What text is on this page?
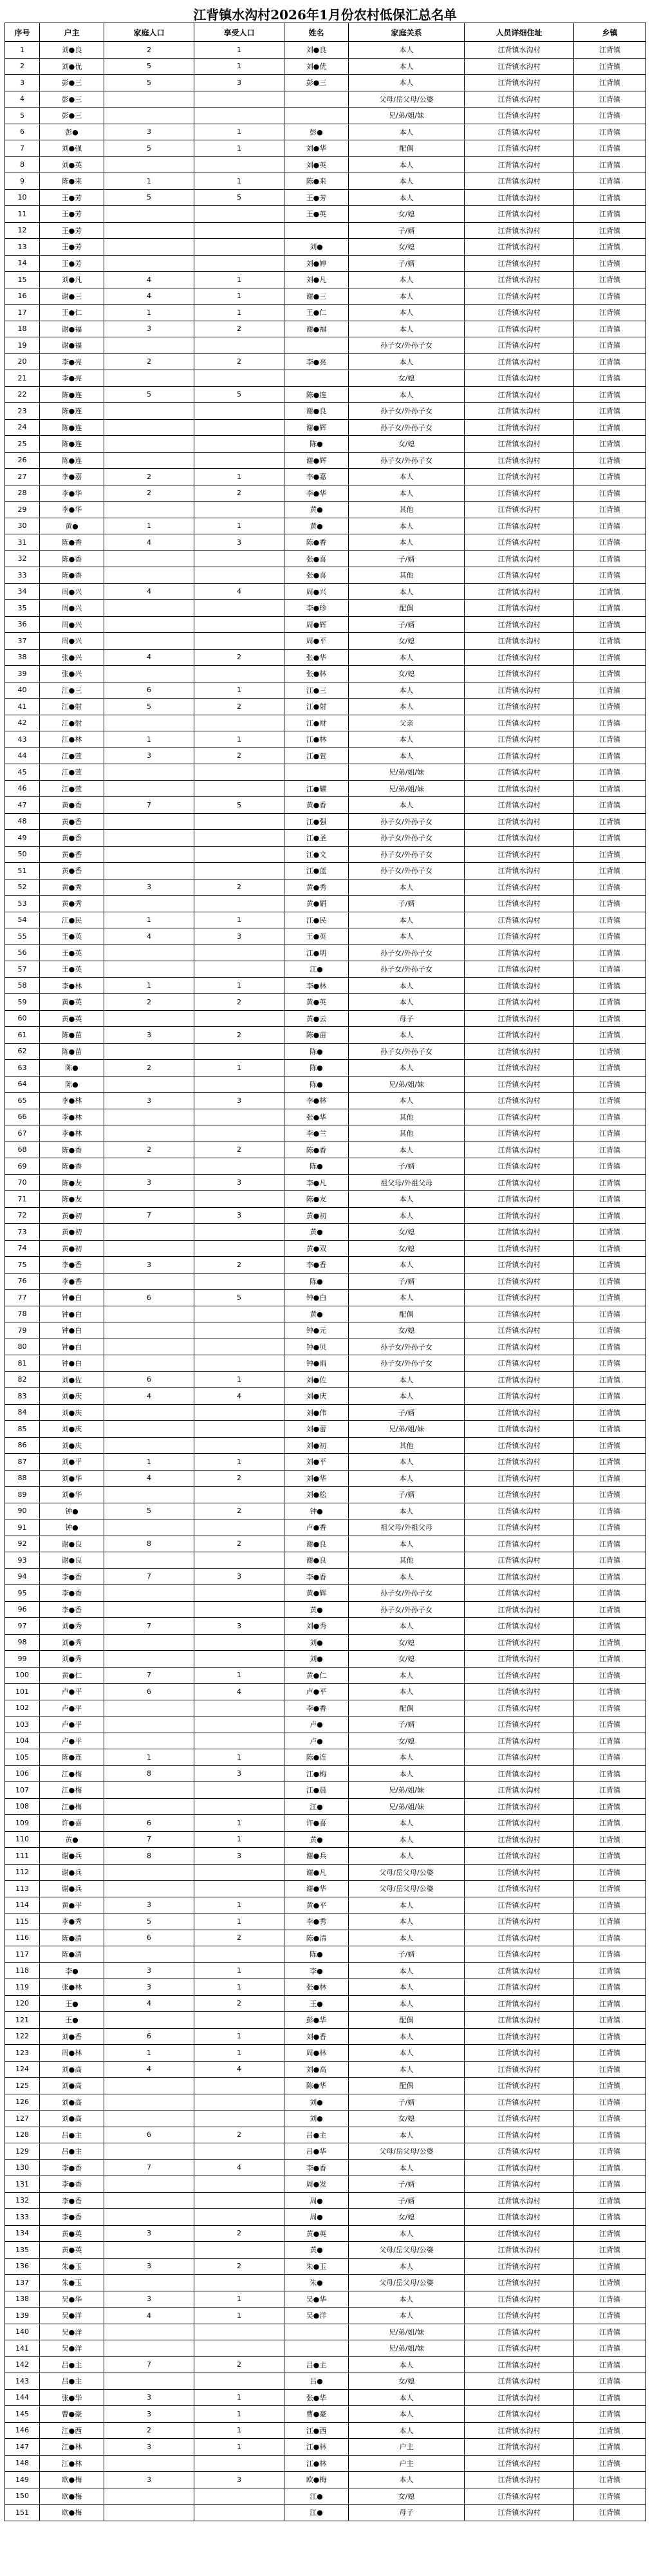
江背镇水沟村2026年1月份农村低保汇总名单
序号	户主	家庭人口	享受人口	姓名	家庭关系	人员详细住址	乡镇
1	刘●良	2	1	刘●良	本人	江背镇水沟村	江背镇
2	刘●优	5	1	刘●优	本人	江背镇水沟村	江背镇
3	彭●三	5	3	彭●三	本人	江背镇水沟村	江背镇
4	彭●三				父母/岳父母/公婆	江背镇水沟村	江背镇
5	彭●三				兄/弟/姐/妹	江背镇水沟村	江背镇
6	彭●	3	1	彭●	本人	江背镇水沟村	江背镇
7	刘●强	5	1	刘●华	配偶	江背镇水沟村	江背镇
8	刘●英			刘●英	本人	江背镇水沟村	江背镇
9	陈●来	1	1	陈●来	本人	江背镇水沟村	江背镇
10	王●芳	5	5	王●芳	本人	江背镇水沟村	江背镇
11	王●芳			王●英	女/媳	江背镇水沟村	江背镇
12	王●芳				子/婿	江背镇水沟村	江背镇
13	王●芳			刘●	女/媳	江背镇水沟村	江背镇
14	王●芳			刘●婷	子/婿	江背镇水沟村	江背镇
15	刘●凡	4	1	刘●凡	本人	江背镇水沟村	江背镇
16	谢●三	4	1	谢●三	本人	江背镇水沟村	江背镇
17	王●仁	1	1	王●仁	本人	江背镇水沟村	江背镇
18	谢●福	3	2	谢●福	本人	江背镇水沟村	江背镇
19	谢●福				孙子女/外孙子女	江背镇水沟村	江背镇
20	李●亮	2	2	李●亮	本人	江背镇水沟村	江背镇
21	李●亮				女/媳	江背镇水沟村	江背镇
22	陈●连	5	5	陈●连	本人	江背镇水沟村	江背镇
23	陈●连			谢●良	孙子女/外孙子女	江背镇水沟村	江背镇
24	陈●连			谢●辉	孙子女/外孙子女	江背镇水沟村	江背镇
25	陈●连			陈●	女/媳	江背镇水沟村	江背镇
26	陈●连			谢●辉	孙子女/外孙子女	江背镇水沟村	江背镇
27	李●嘉	2	1	李●嘉	本人	江背镇水沟村	江背镇
28	李●华	2	2	李●华	本人	江背镇水沟村	江背镇
29	李●华			黄●	其他	江背镇水沟村	江背镇
30	黄●	1	1	黄●	本人	江背镇水沟村	江背镇
31	陈●香	4	3	陈●香	本人	江背镇水沟村	江背镇
32	陈●香			张●喜	子/婿	江背镇水沟村	江背镇
33	陈●香			张●喜	其他	江背镇水沟村	江背镇
34	周●兴	4	4	周●兴	本人	江背镇水沟村	江背镇
35	周●兴			李●珍	配偶	江背镇水沟村	江背镇
36	周●兴			周●辉	子/婿	江背镇水沟村	江背镇
37	周●兴			周●平	女/媳	江背镇水沟村	江背镇
38	张●兴	4	2	张●华	本人	江背镇水沟村	江背镇
39	张●兴			张●林	女/媳	江背镇水沟村	江背镇
40	江●三	6	1	江●三	本人	江背镇水沟村	江背镇
41	江●射	5	2	江●射	本人	江背镇水沟村	江背镇
42	江●射			江●财	父亲	江背镇水沟村	江背镇
43	江●林	1	1	江●林	本人	江背镇水沟村	江背镇
44	江●萱	3	2	江●萱	本人	江背镇水沟村	江背镇
45	江●萱				兄/弟/姐/妹	江背镇水沟村	江背镇
46	江●萱			江●耀	兄/弟/姐/妹	江背镇水沟村	江背镇
47	黄●香	7	5	黄●香	本人	江背镇水沟村	江背镇
48	黄●香			江●强	孙子女/外孙子女	江背镇水沟村	江背镇
49	黄●香			江●圣	孙子女/外孙子女	江背镇水沟村	江背镇
50	黄●香			江●文	孙子女/外孙子女	江背镇水沟村	江背镇
51	黄●香			江●蓝	孙子女/外孙子女	江背镇水沟村	江背镇
52	黄●秀	3	2	黄●秀	本人	江背镇水沟村	江背镇
53	黄●秀			黄●娟	子/婿	江背镇水沟村	江背镇
54	江●民	1	1	江●民	本人	江背镇水沟村	江背镇
55	王●英	4	3	王●英	本人	江背镇水沟村	江背镇
56	王●英			江●明	孙子女/外孙子女	江背镇水沟村	江背镇
57	王●英			江●	孙子女/外孙子女	江背镇水沟村	江背镇
58	李●林	1	1	李●林	本人	江背镇水沟村	江背镇
59	黄●英	2	2	黄●英	本人	江背镇水沟村	江背镇
60	黄●英			黄●云	母子	江背镇水沟村	江背镇
61	陈●苗	3	2	陈●苗	本人	江背镇水沟村	江背镇
62	陈●苗			陈●	孙子女/外孙子女	江背镇水沟村	江背镇
63	陈●	2	1	陈●	本人	江背镇水沟村	江背镇
64	陈●			陈●	兄/弟/姐/妹	江背镇水沟村	江背镇
65	李●林	3	3	李●林	本人	江背镇水沟村	江背镇
66	李●林			张●华	其他	江背镇水沟村	江背镇
67	李●林			李●兰	其他	江背镇水沟村	江背镇
68	陈●香	2	2	陈●香	本人	江背镇水沟村	江背镇
69	陈●香			陈●	子/婿	江背镇水沟村	江背镇
70	陈●友	3	3	李●凡	祖父母/外祖父母	江背镇水沟村	江背镇
71	陈●友			陈●友	本人	江背镇水沟村	江背镇
72	黄●初	7	3	黄●初	本人	江背镇水沟村	江背镇
73	黄●初			黄●	女/媳	江背镇水沟村	江背镇
74	黄●初			黄●双	女/媳	江背镇水沟村	江背镇
75	李●香	3	2	李●香	本人	江背镇水沟村	江背镇
76	李●香			陈●	子/婿	江背镇水沟村	江背镇
77	钟●白	6	5	钟●白	本人	江背镇水沟村	江背镇
78	钟●白			黄●	配偶	江背镇水沟村	江背镇
79	钟●白			钟●元	女/媳	江背镇水沟村	江背镇
80	钟●白			钟●贝	孙子女/外孙子女	江背镇水沟村	江背镇
81	钟●白			钟●雨	孙子女/外孙子女	江背镇水沟村	江背镇
82	刘●佐	6	1	刘●佐	本人	江背镇水沟村	江背镇
83	刘●庆	4	4	刘●庆	本人	江背镇水沟村	江背镇
84	刘●庆			刘●伟	子/婿	江背镇水沟村	江背镇
85	刘●庆			刘●蕾	兄/弟/姐/妹	江背镇水沟村	江背镇
86	刘●庆			刘●初	其他	江背镇水沟村	江背镇
87	刘●平	1	1	刘●平	本人	江背镇水沟村	江背镇
88	刘●华	4	2	刘●华	本人	江背镇水沟村	江背镇
89	刘●华			刘●松	子/婿	江背镇水沟村	江背镇
90	钟●	5	2	钟●	本人	江背镇水沟村	江背镇
91	钟●			卢●香	祖父母/外祖父母	江背镇水沟村	江背镇
92	谢●良	8	2	谢●良	本人	江背镇水沟村	江背镇
93	谢●良			谢●良	其他	江背镇水沟村	江背镇
94	李●香	7	3	李●香	本人	江背镇水沟村	江背镇
95	李●香			黄●辉	孙子女/外孙子女	江背镇水沟村	江背镇
96	李●香			黄●	孙子女/外孙子女	江背镇水沟村	江背镇
97	刘●秀	7	3	刘●秀	本人	江背镇水沟村	江背镇
98	刘●秀			刘●	女/媳	江背镇水沟村	江背镇
99	刘●秀			刘●	女/媳	江背镇水沟村	江背镇
100	黄●仁	7	1	黄●仁	本人	江背镇水沟村	江背镇
101	卢●平	6	4	卢●平	本人	江背镇水沟村	江背镇
102	卢●平			李●香	配偶	江背镇水沟村	江背镇
103	卢●平			卢●	子/婿	江背镇水沟村	江背镇
104	卢●平			卢●	女/媳	江背镇水沟村	江背镇
105	陈●连	1	1	陈●连	本人	江背镇水沟村	江背镇
106	江●梅	8	3	江●梅	本人	江背镇水沟村	江背镇
107	江●梅			江●晨	兄/弟/姐/妹	江背镇水沟村	江背镇
108	江●梅			江●	兄/弟/姐/妹	江背镇水沟村	江背镇
109	许●喜	6	1	许●喜	本人	江背镇水沟村	江背镇
110	黄●	7	1	黄●	本人	江背镇水沟村	江背镇
111	谢●兵	8	3	谢●兵	本人	江背镇水沟村	江背镇
112	谢●兵			谢●凡	父母/岳父母/公婆	江背镇水沟村	江背镇
113	谢●兵			谢●华	父母/岳父母/公婆	江背镇水沟村	江背镇
114	黄●平	3	1	黄●平	本人	江背镇水沟村	江背镇
115	李●秀	5	1	李●秀	本人	江背镇水沟村	江背镇
116	陈●清	6	2	陈●清	本人	江背镇水沟村	江背镇
117	陈●清			陈●	子/婿	江背镇水沟村	江背镇
118	李●	3	1	李●	本人	江背镇水沟村	江背镇
119	张●林	3	1	张●林	本人	江背镇水沟村	江背镇
120	王●	4	2	王●	本人	江背镇水沟村	江背镇
121	王●			彭●华	配偶	江背镇水沟村	江背镇
122	刘●香	6	1	刘●香	本人	江背镇水沟村	江背镇
123	周●林	1	1	周●林	本人	江背镇水沟村	江背镇
124	刘●高	4	4	刘●高	本人	江背镇水沟村	江背镇
125	刘●高			陈●华	配偶	江背镇水沟村	江背镇
126	刘●高			刘●	子/婿	江背镇水沟村	江背镇
127	刘●高			刘●	女/媳	江背镇水沟村	江背镇
128	吕●主	6	2	吕●主	本人	江背镇水沟村	江背镇
129	吕●主			吕●华	父母/岳父母/公婆	江背镇水沟村	江背镇
130	李●香	7	4	李●香	本人	江背镇水沟村	江背镇
131	李●香			周●发	子/婿	江背镇水沟村	江背镇
132	李●香			周●	子/婿	江背镇水沟村	江背镇
133	李●香			周●	女/媳	江背镇水沟村	江背镇
134	黄●英	3	2	黄●英	本人	江背镇水沟村	江背镇
135	黄●英			黄●	父母/岳父母/公婆	江背镇水沟村	江背镇
136	朱●玉	3	2	朱●玉	本人	江背镇水沟村	江背镇
137	朱●玉			朱●	父母/岳父母/公婆	江背镇水沟村	江背镇
138	吴●华	3	1	吴●华	本人	江背镇水沟村	江背镇
139	吴●洋	4	1	吴●洋	本人	江背镇水沟村	江背镇
140	吴●洋				兄/弟/姐/妹	江背镇水沟村	江背镇
141	吴●洋				兄/弟/姐/妹	江背镇水沟村	江背镇
142	吕●主	7	2	吕●主	本人	江背镇水沟村	江背镇
143	吕●主			吕●	女/媳	江背镇水沟村	江背镇
144	张●华	3	1	张●华	本人	江背镇水沟村	江背镇
145	曹●豪	3	1	曹●豪	本人	江背镇水沟村	江背镇
146	江●西	2	1	江●西	本人	江背镇水沟村	江背镇
147	江●林	3	1	江●林	户主	江背镇水沟村	江背镇
148	江●林			江●林	户主	江背镇水沟村	江背镇
149	欧●梅	3	3	欧●梅	本人	江背镇水沟村	江背镇
150	欧●梅			江●	女/媳	江背镇水沟村	江背镇
151	欧●梅			江●	母子	江背镇水沟村	江背镇
